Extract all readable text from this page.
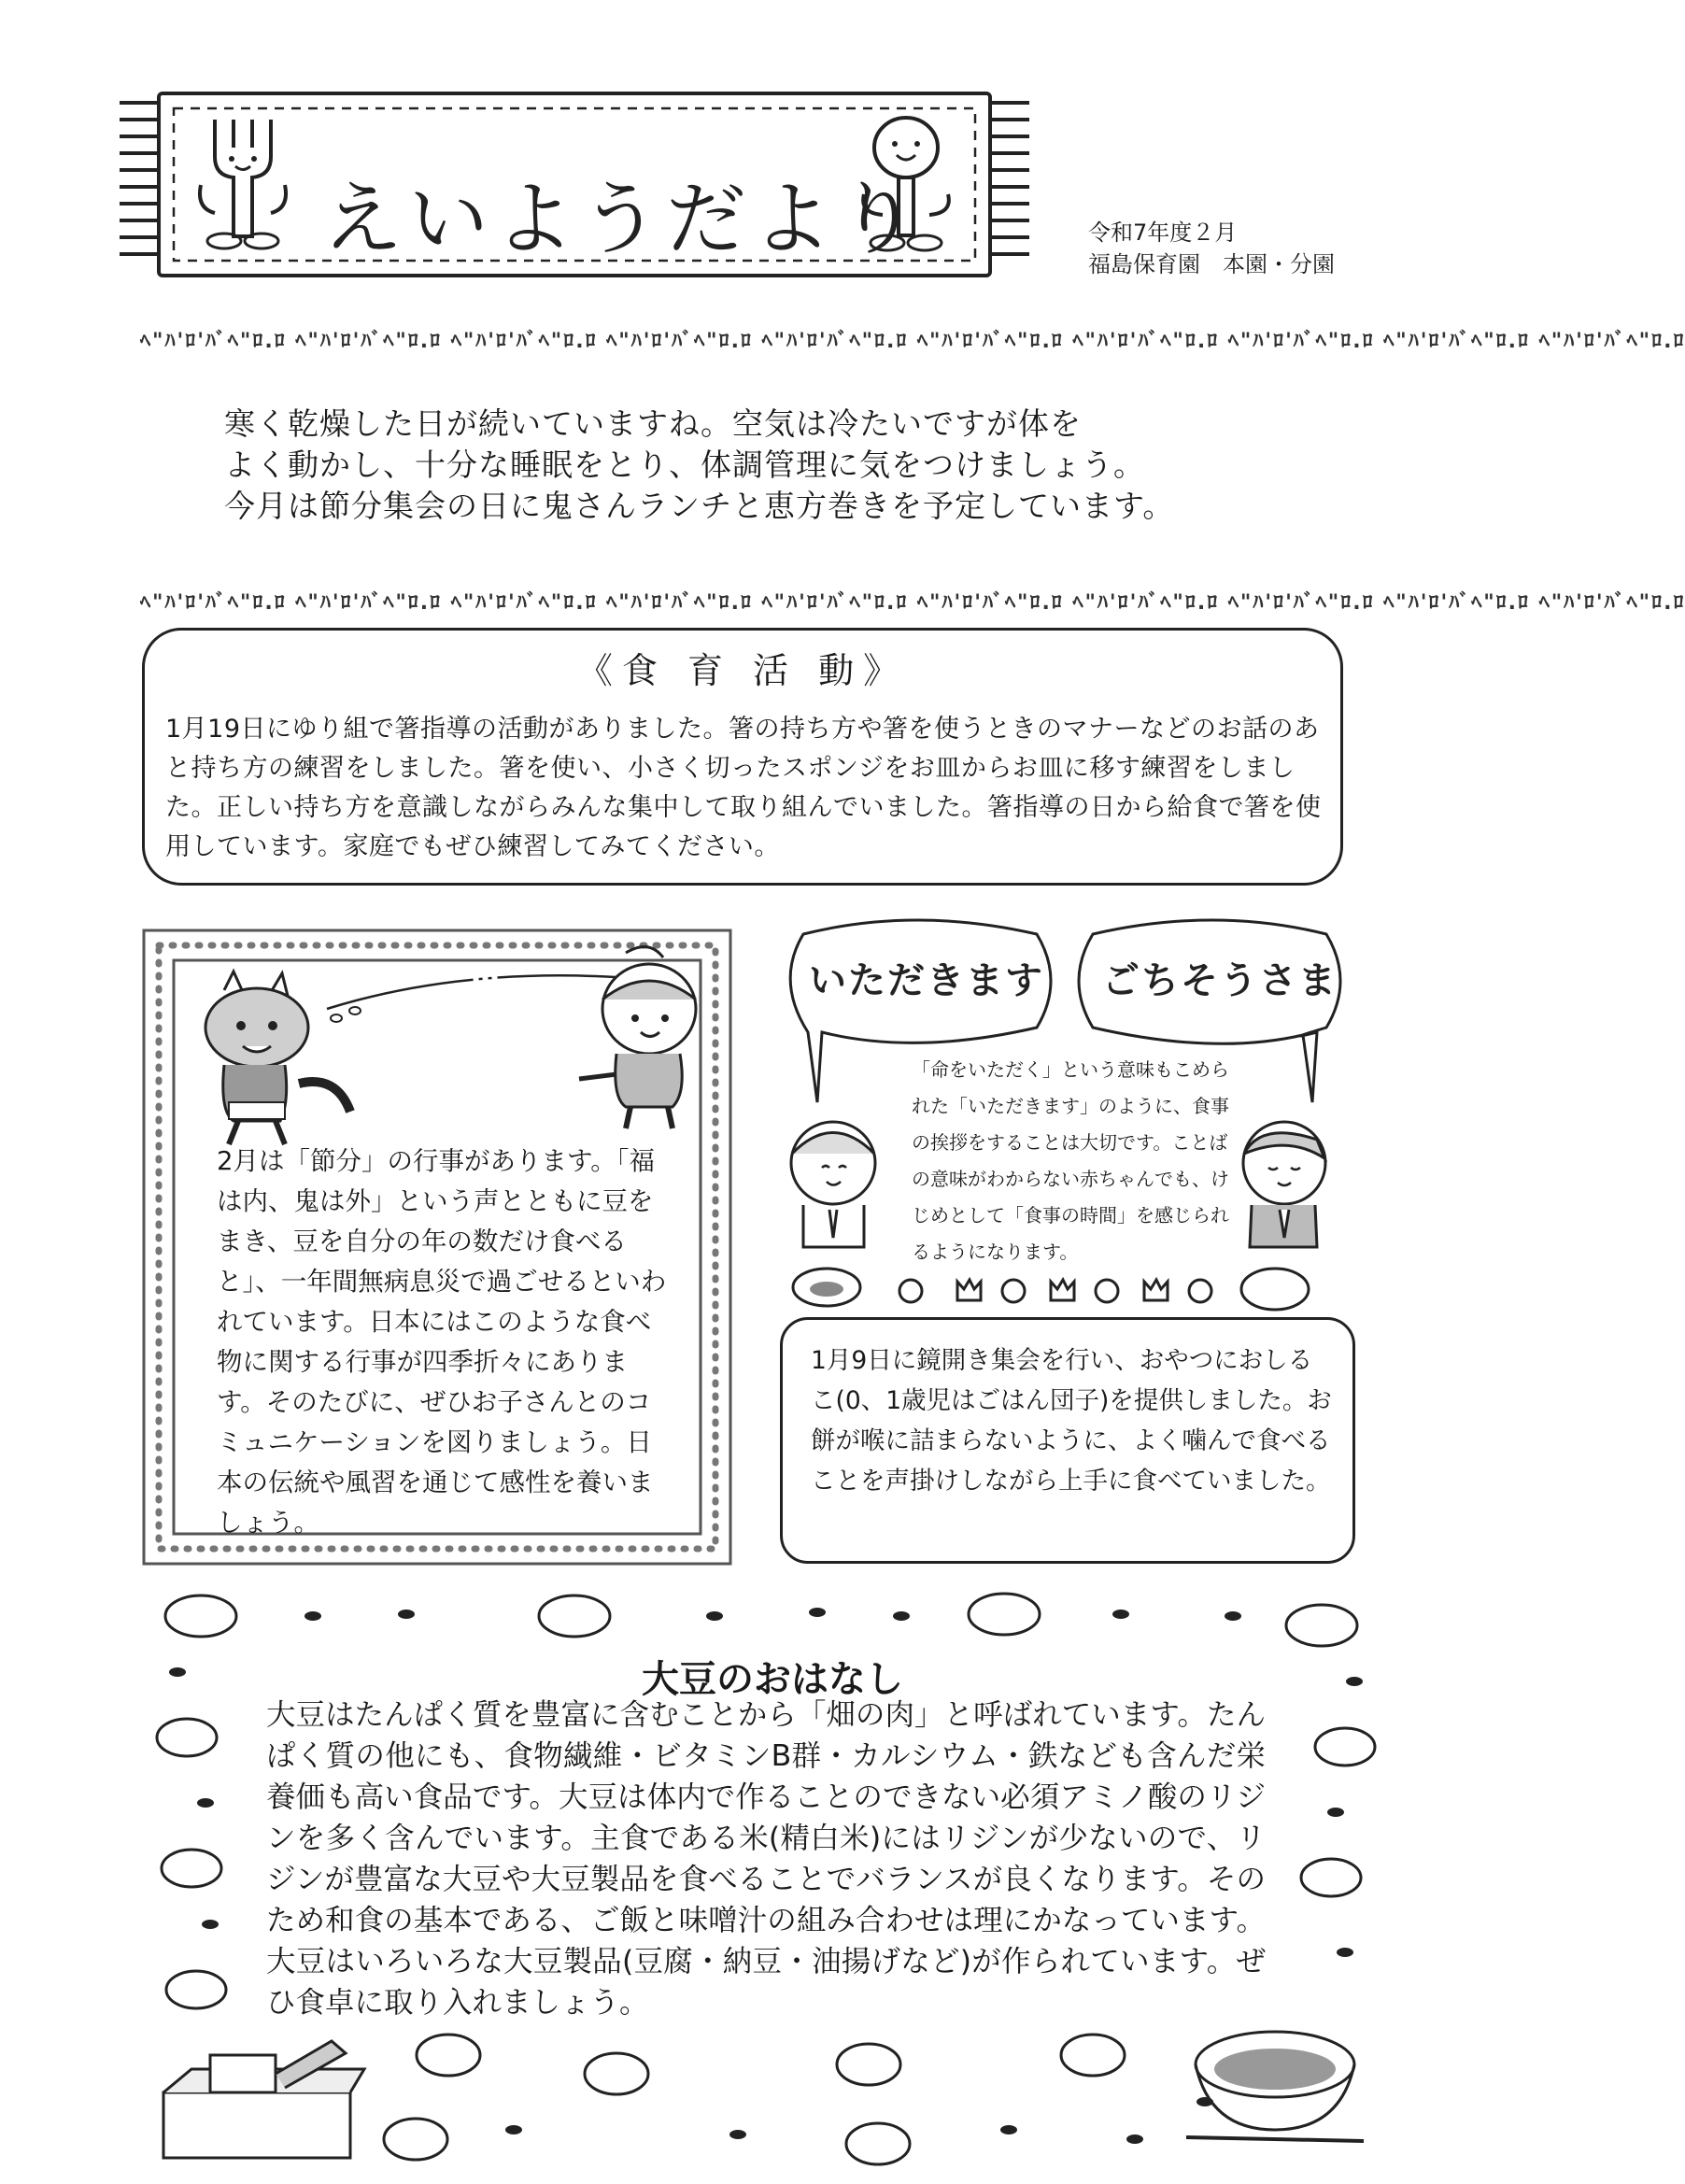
えいようだより	令和7年度２月
福島保育園　本園・分園
ﾍ"ﾊ'ﾛ'ﾊﾞﾍ"ﾛ.ﾛ ﾍ"ﾊ'ﾛ'ﾊﾞﾍ"ﾛ.ﾛ ﾍ"ﾊ'ﾛ'ﾊﾞﾍ"ﾛ.ﾛ ﾍ"ﾊ'ﾛ'ﾊﾞﾍ"ﾛ.ﾛ ﾍ"ﾊ'ﾛ'ﾊﾞﾍ"ﾛ.ﾛ ﾍ"ﾊ'ﾛ'ﾊﾞﾍ"ﾛ.ﾛ ﾍ"ﾊ'ﾛ'ﾊﾞﾍ"ﾛ.ﾛ ﾍ"ﾊ'ﾛ'ﾊﾞﾍ"ﾛ.ﾛ ﾍ"ﾊ'ﾛ'ﾊﾞﾍ"ﾛ.ﾛ ﾍ"ﾊ'ﾛ'ﾊﾞﾍ"ﾛ.ﾛ

寒く乾燥した日が続いていますね。空気は冷たいですが体を

よく動かし、十分な睡眠をとり、体調管理に気をつけましょう。

今月は節分集会の日に鬼さんランチと恵方巻きを予定しています。

ﾍ"ﾊ'ﾛ'ﾊﾞﾍ"ﾛ.ﾛ ﾍ"ﾊ'ﾛ'ﾊﾞﾍ"ﾛ.ﾛ ﾍ"ﾊ'ﾛ'ﾊﾞﾍ"ﾛ.ﾛ ﾍ"ﾊ'ﾛ'ﾊﾞﾍ"ﾛ.ﾛ ﾍ"ﾊ'ﾛ'ﾊﾞﾍ"ﾛ.ﾛ ﾍ"ﾊ'ﾛ'ﾊﾞﾍ"ﾛ.ﾛ ﾍ"ﾊ'ﾛ'ﾊﾞﾍ"ﾛ.ﾛ ﾍ"ﾊ'ﾛ'ﾊﾞﾍ"ﾛ.ﾛ ﾍ"ﾊ'ﾛ'ﾊﾞﾍ"ﾛ.ﾛ ﾍ"ﾊ'ﾛ'ﾊﾞﾍ"ﾛ.ﾛ
《食 育 活 動》
1月19日にゆり組で箸指導の活動がありました。箸の持ち方や箸を使うときのマナーなどのお話のあと持ち方の練習をしました。箸を使い、小さく切ったスポンジをお皿からお皿に移す練習をしました。正しい持ち方を意識しながらみんな集中して取り組んでいました。箸指導の日から給食で箸を使用しています。家庭でもぜひ練習してみてください。
2月は「節分」の行事があります。「福は内、鬼は外」という声とともに豆をまき、豆を自分の年の数だけ食べると」、一年間無病息災で過ごせるといわれています。日本にはこのような食べ物に関する行事が四季折々にあります。そのたびに、ぜひお子さんとのコミュニケーションを図りましょう。日本の伝統や風習を通じて感性を養いましょう。
いただきます ごちそうさま
「命をいただく」という意味もこめられた「いただきます」のように、食事の挨拶をすることは大切です。ことばの意味がわからない赤ちゃんでも、けじめとして「食事の時間」を感じられるようになります。
1月9日に鏡開き集会を行い、おやつにおしるこ(0、1歳児はごはん団子)を提供しました。お餅が喉に詰まらないように、よく噛んで食べることを声掛けしながら上手に食べていました。
大豆のおはなし
大豆はたんぱく質を豊富に含むことから「畑の肉」と呼ばれています。たんぱく質の他にも、食物繊維・ビタミンB群・カルシウム・鉄なども含んだ栄養価も高い食品です。大豆は体内で作ることのできない必須アミノ酸のリジンを多く含んでいます。主食である米(精白米)にはリジンが少ないので、リジンが豊富な大豆や大豆製品を食べることでバランスが良くなります。そのため和食の基本である、ご飯と味噌汁の組み合わせは理にかなっています。大豆はいろいろな大豆製品(豆腐・納豆・油揚げなど)が作られています。ぜひ食卓に取り入れましょう。
